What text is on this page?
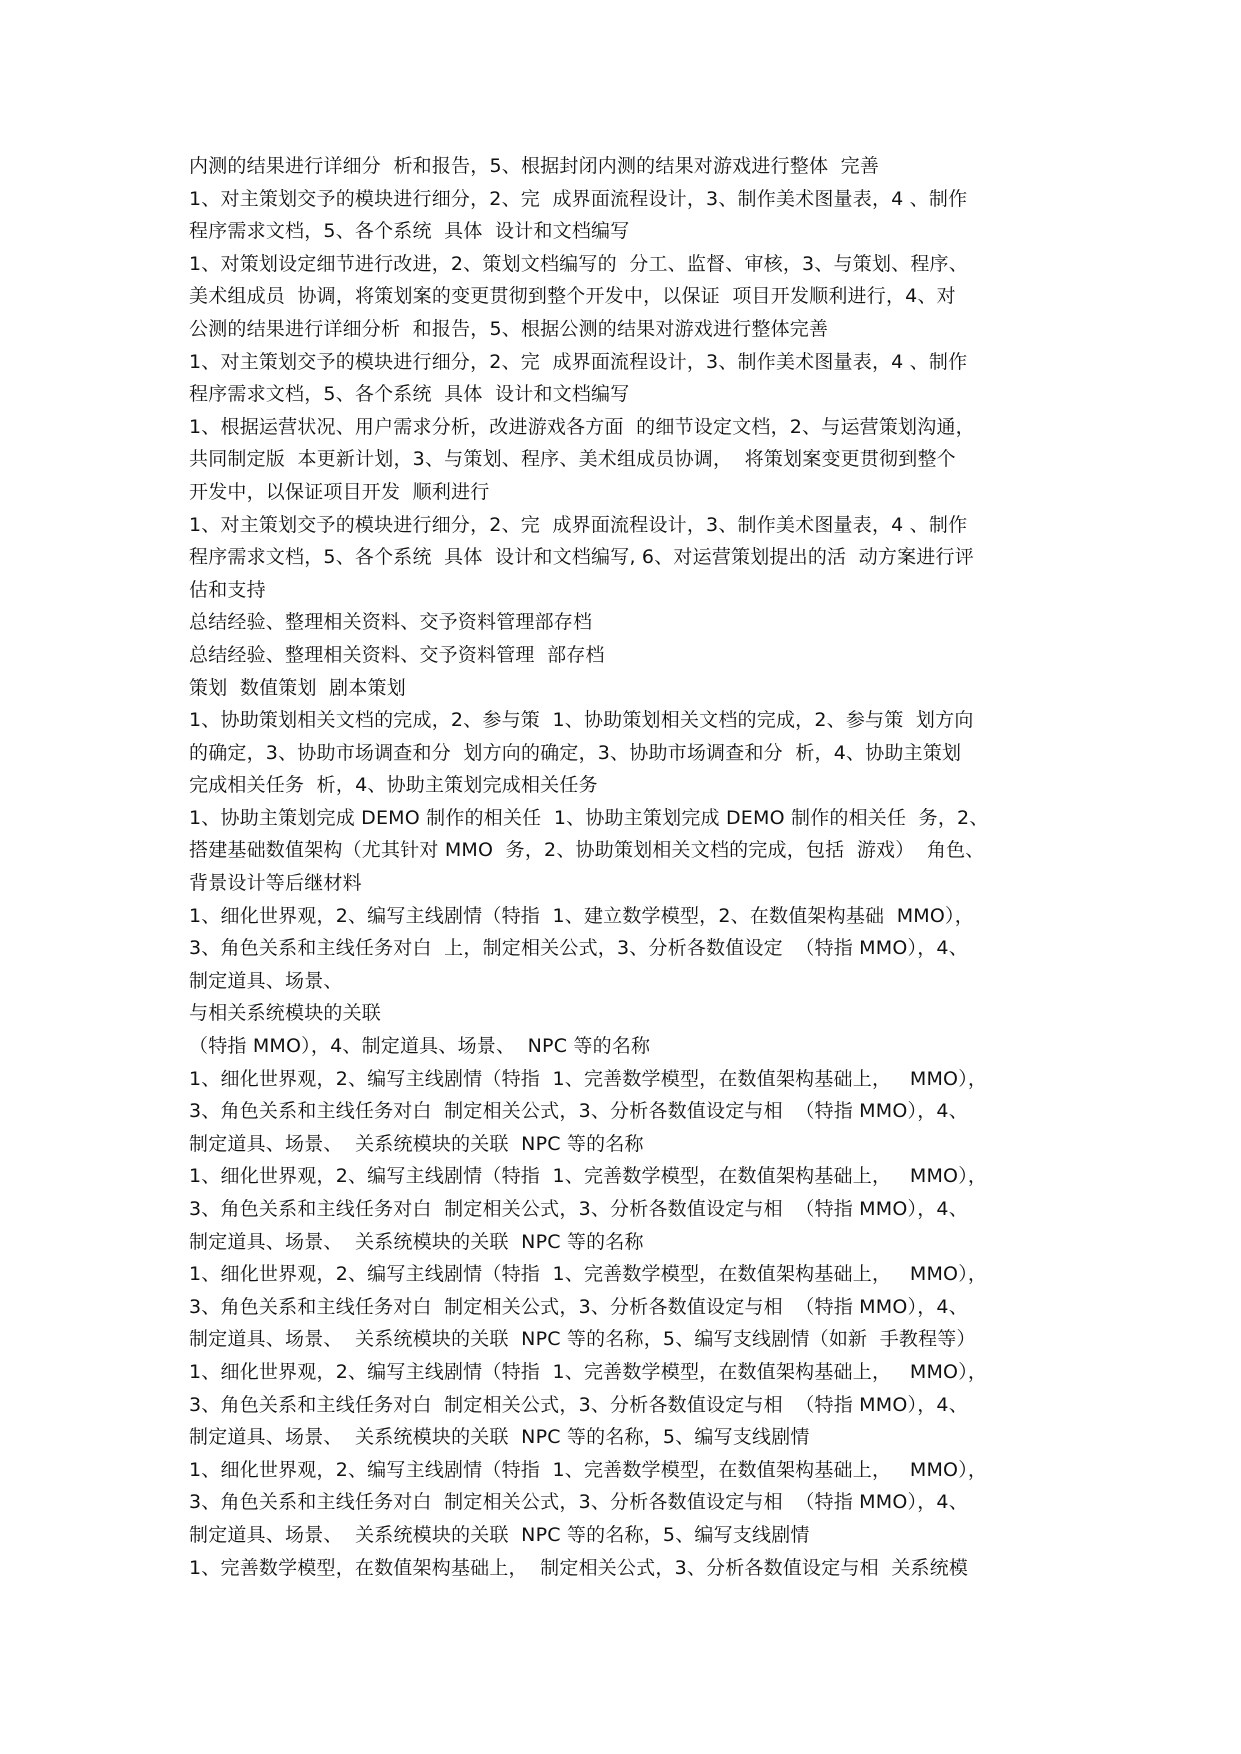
内测的结果进行详细分  析和报告，5、根据封闭内测的结果对游戏进行整体  完善
1、对主策划交予的模块进行细分，2、完  成界面流程设计，3、制作美术图量表，4 、制作
程序需求文档，5、各个系统  具体  设计和文档编写
1、对策划设定细节进行改进，2、策划文档编写的  分工、监督、审核，3、与策划、程序、
美术组成员  协调，将策划案的变更贯彻到整个开发中，以保证  项目开发顺利进行，4、对
公测的结果进行详细分析  和报告，5、根据公测的结果对游戏进行整体完善
1、对主策划交予的模块进行细分，2、完  成界面流程设计，3、制作美术图量表，4 、制作
程序需求文档，5、各个系统  具体  设计和文档编写
1、根据运营状况、用户需求分析，改进游戏各方面  的细节设定文档，2、与运营策划沟通，
共同制定版  本更新计划，3、与策划、程序、美术组成员协调，  将策划案变更贯彻到整个
开发中，以保证项目开发  顺利进行
1、对主策划交予的模块进行细分，2、完  成界面流程设计，3、制作美术图量表，4 、制作
程序需求文档，5、各个系统  具体  设计和文档编写, 6、对运营策划提出的活  动方案进行评
估和支持
总结经验、整理相关资料、交予资料管理部存档
总结经验、整理相关资料、交予资料管理  部存档
策划  数值策划  剧本策划
1、协助策划相关文档的完成，2、参与策  1、协助策划相关文档的完成，2、参与策  划方向
的确定，3、协助市场调查和分  划方向的确定，3、协助市场调查和分  析，4、协助主策划
完成相关任务  析，4、协助主策划完成相关任务
1、协助主策划完成 DEMO 制作的相关任  1、协助主策划完成 DEMO 制作的相关任  务，2、
搭建基础数值架构（尤其针对 MMO  务，2、协助策划相关文档的完成，包括  游戏）  角色、
背景设计等后继材料
1、细化世界观，2、编写主线剧情（特指  1、建立数学模型，2、在数值架构基础  MMO），
3、角色关系和主线任务对白  上，制定相关公式，3、分析各数值设定  （特指 MMO），4、
制定道具、场景、
与相关系统模块的关联
（特指 MMO），4、制定道具、场景、  NPC 等的名称
1、细化世界观，2、编写主线剧情（特指  1、完善数学模型，在数值架构基础上，   MMO），
3、角色关系和主线任务对白  制定相关公式，3、分析各数值设定与相  （特指 MMO），4、
制定道具、场景、  关系统模块的关联  NPC 等的名称
1、细化世界观，2、编写主线剧情（特指  1、完善数学模型，在数值架构基础上，   MMO），
3、角色关系和主线任务对白  制定相关公式，3、分析各数值设定与相  （特指 MMO），4、
制定道具、场景、  关系统模块的关联  NPC 等的名称
1、细化世界观，2、编写主线剧情（特指  1、完善数学模型，在数值架构基础上，   MMO），
3、角色关系和主线任务对白  制定相关公式，3、分析各数值设定与相  （特指 MMO），4、
制定道具、场景、  关系统模块的关联  NPC 等的名称，5、编写支线剧情（如新  手教程等）
1、细化世界观，2、编写主线剧情（特指  1、完善数学模型，在数值架构基础上，   MMO），
3、角色关系和主线任务对白  制定相关公式，3、分析各数值设定与相  （特指 MMO），4、
制定道具、场景、  关系统模块的关联  NPC 等的名称，5、编写支线剧情
1、细化世界观，2、编写主线剧情（特指  1、完善数学模型，在数值架构基础上，   MMO），
3、角色关系和主线任务对白  制定相关公式，3、分析各数值设定与相  （特指 MMO），4、
制定道具、场景、  关系统模块的关联  NPC 等的名称，5、编写支线剧情
1、完善数学模型，在数值架构基础上，  制定相关公式，3、分析各数值设定与相  关系统模
